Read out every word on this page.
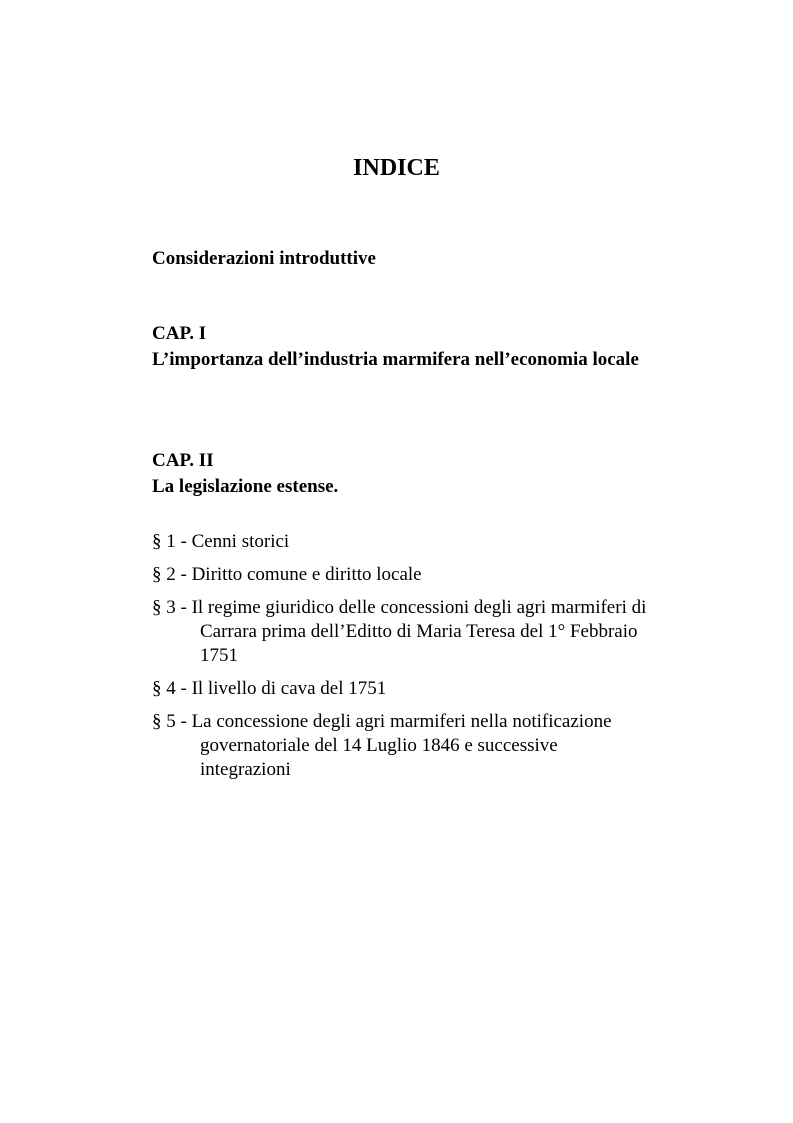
INDICE

Considerazioni introduttive

CAP. I

L’importanza dell’industria marmifera nell’economia locale

CAP. II

La legislazione estense.

§ 1 - Cenni storici
§ 2 - Diritto comune e diritto locale
§ 3 - Il regime giuridico delle concessioni degli agri marmiferi di Carrara prima dell’Editto di Maria Teresa del 1° Febbraio 1751
§ 4 - Il livello di cava del 1751
§ 5 - La concessione degli agri marmiferi nella notificazione governatoriale del 14 Luglio 1846 e successive integrazioni
